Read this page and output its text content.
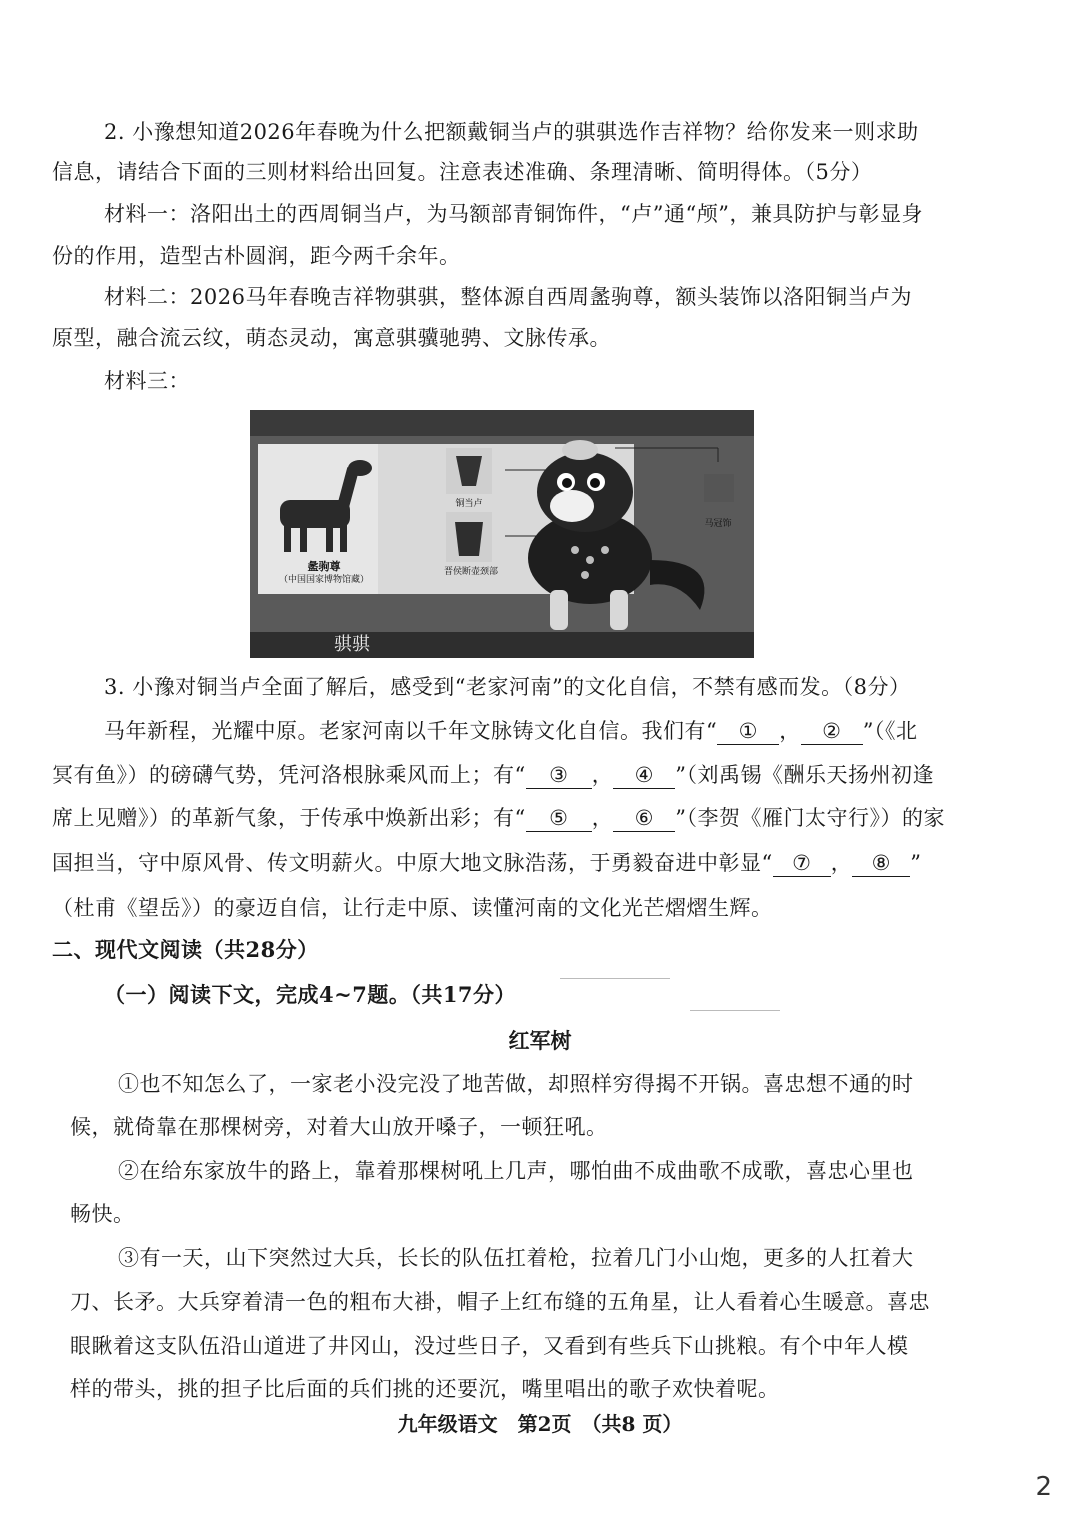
2. 小豫想知道2026年春晚为什么把额戴铜当卢的骐骐选作吉祥物？给你发来一则求助
信息，请结合下面的三则材料给出回复。注意表述准确、条理清晰、简明得体。（5分）
材料一：洛阳出土的西周铜当卢，为马额部青铜饰件，“卢”通“颅”，兼具防护与彰显身
份的作用，造型古朴圆润，距今两千余年。
材料二：2026马年春晚吉祥物骐骐，整体源自西周盠驹尊，额头装饰以洛阳铜当卢为
原型，融合流云纹，萌态灵动，寓意骐骥驰骋、文脉传承。
材料三：
盠驹尊
（中国国家博物馆藏）
铜当卢
晋侯断壶颈部
马冠饰
骐骐
3. 小豫对铜当卢全面了解后，感受到“老家河南”的文化自信，不禁有感而发。（8分）
马年新程，光耀中原。老家河南以千年文脉铸文化自信。我们有“ ① ， ② ”（《北
冥有鱼》）的磅礴气势，凭河洛根脉乘风而上；有“ ③ ， ④ ”（刘禹锡《酬乐天扬州初逢
席上见赠》）的革新气象，于传承中焕新出彩；有“ ⑤ ， ⑥ ”（李贺《雁门太守行》）的家
国担当，守中原风骨、传文明薪火。中原大地文脉浩荡，于勇毅奋进中彰显“ ⑦ ， ⑧ ”
（杜甫《望岳》）的豪迈自信，让行走中原、读懂河南的文化光芒熠熠生辉。
二、现代文阅读（共28分）
（一）阅读下文，完成4~7题。（共17分）
红军树
①也不知怎么了，一家老小没完没了地苦做，却照样穷得揭不开锅。喜忠想不通的时
候，就倚靠在那棵树旁，对着大山放开嗓子，一顿狂吼。
②在给东家放牛的路上，靠着那棵树吼上几声，哪怕曲不成曲歌不成歌，喜忠心里也
畅快。
③有一天，山下突然过大兵，长长的队伍扛着枪，拉着几门小山炮，更多的人扛着大
刀、长矛。大兵穿着清一色的粗布大褂，帽子上红布缝的五角星，让人看着心生暖意。喜忠
眼瞅着这支队伍沿山道进了井冈山，没过些日子，又看到有些兵下山挑粮。有个中年人模
样的带头，挑的担子比后面的兵们挑的还要沉，嘴里唱出的歌子欢快着呢。
九年级语文　第2页　（共8 页）
2
